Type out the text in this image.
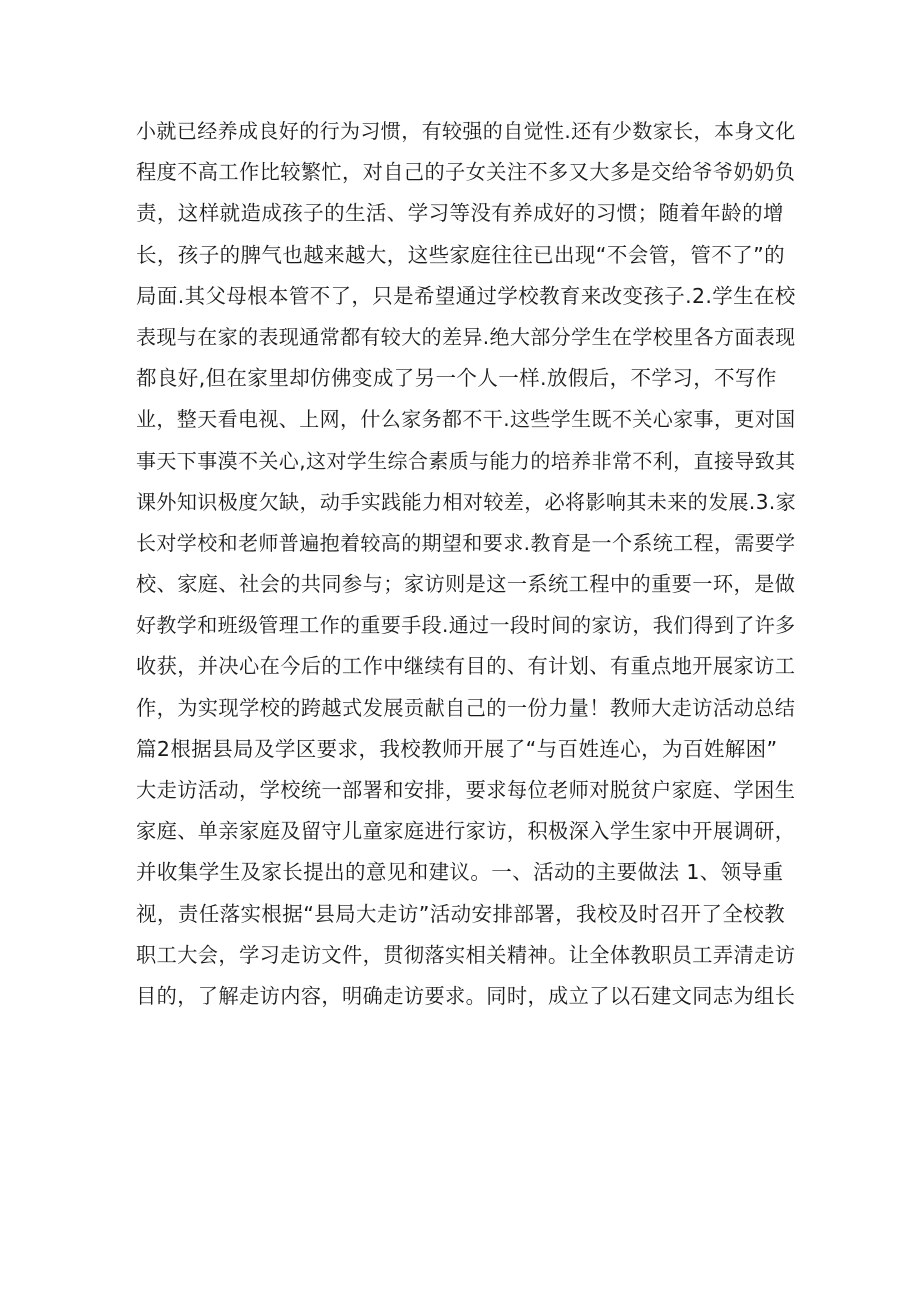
小就已经养成良好的行为习惯，有较强的自觉性.还有少数家长，本身文化
程度不高工作比较繁忙，对自己的子女关注不多又大多是交给爷爷奶奶负
责，这样就造成孩子的生活、学习等没有养成好的习惯；随着年龄的增
长，孩子的脾气也越来越大，这些家庭往往已出现“不会管，管不了”的
局面.其父母根本管不了，只是希望通过学校教育来改变孩子.2.学生在校
表现与在家的表现通常都有较大的差异.绝大部分学生在学校里各方面表现
都良好,但在家里却仿佛变成了另一个人一样.放假后，不学习，不写作
业，整天看电视、上网，什么家务都不干.这些学生既不关心家事，更对国
事天下事漠不关心,这对学生综合素质与能力的培养非常不利，直接导致其
课外知识极度欠缺，动手实践能力相对较差，必将影响其未来的发展.3.家
长对学校和老师普遍抱着较高的期望和要求.教育是一个系统工程，需要学
校、家庭、社会的共同参与；家访则是这一系统工程中的重要一环，是做
好教学和班级管理工作的重要手段.通过一段时间的家访，我们得到了许多
收获，并决心在今后的工作中继续有目的、有计划、有重点地开展家访工
作，为实现学校的跨越式发展贡献自己的一份力量！教师大走访活动总结
篇2根据县局及学区要求，我校教师开展了“与百姓连心，为百姓解困”
大走访活动，学校统一部署和安排，要求每位老师对脱贫户家庭、学困生
家庭、单亲家庭及留守儿童家庭进行家访，积极深入学生家中开展调研，
并收集学生及家长提出的意见和建议。一、活动的主要做法 1、领导重
视，责任落实根据“县局大走访”活动安排部署，我校及时召开了全校教
职工大会，学习走访文件，贯彻落实相关精神。让全体教职员工弄清走访
目的，了解走访内容，明确走访要求。同时，成立了以石建文同志为组长
